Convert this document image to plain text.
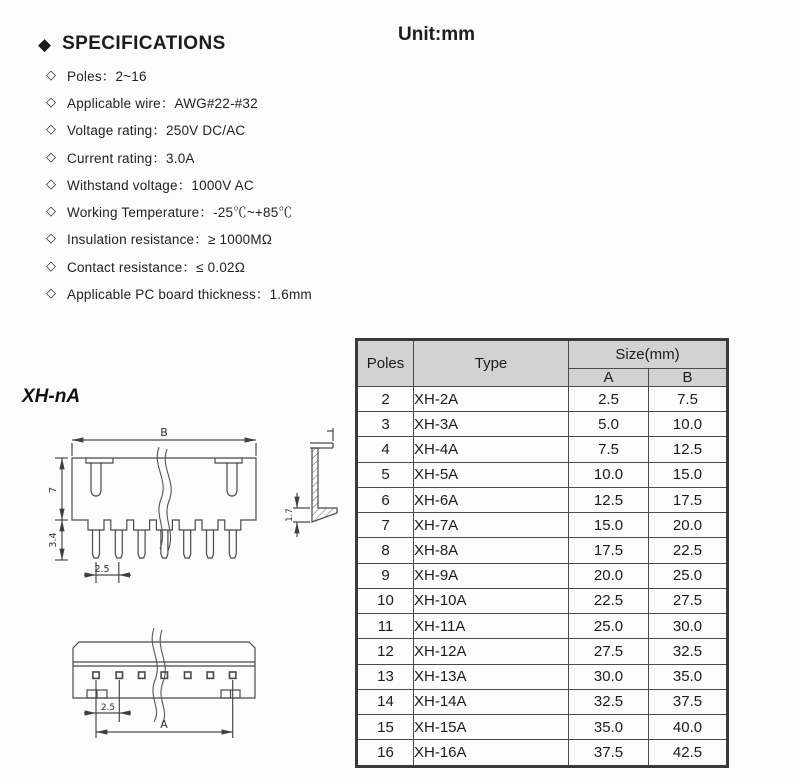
◆ SPECIFICATIONS	Unit:mm
◇ Poles：2~16
◇ Applicable wire：AWG#22-#32
◇ Voltage rating：250V DC/AC
◇ Current rating：3.0A
◇ Withstand voltage：1000V AC
◇ Working Temperature：-25℃~+85℃
◇ Insulation resistance：≥ 1000MΩ
◇ Contact resistance：≤ 0.02Ω
◇ Applicable PC board thickness：1.6mm
XH-nA
B
7
3.4
2.5
1.7
2.5
A
Poles	Type	Size(mm)	
		A	B
2	XH-2A	2.5	7.5
3	XH-3A	5.0	10.0
4	XH-4A	7.5	12.5
5	XH-5A	10.0	15.0
6	XH-6A	12.5	17.5
7	XH-7A	15.0	20.0
8	XH-8A	17.5	22.5
9	XH-9A	20.0	25.0
10	XH-10A	22.5	27.5
11	XH-11A	25.0	30.0
12	XH-12A	27.5	32.5
13	XH-13A	30.0	35.0
14	XH-14A	32.5	37.5
15	XH-15A	35.0	40.0
16	XH-16A	37.5	42.5
